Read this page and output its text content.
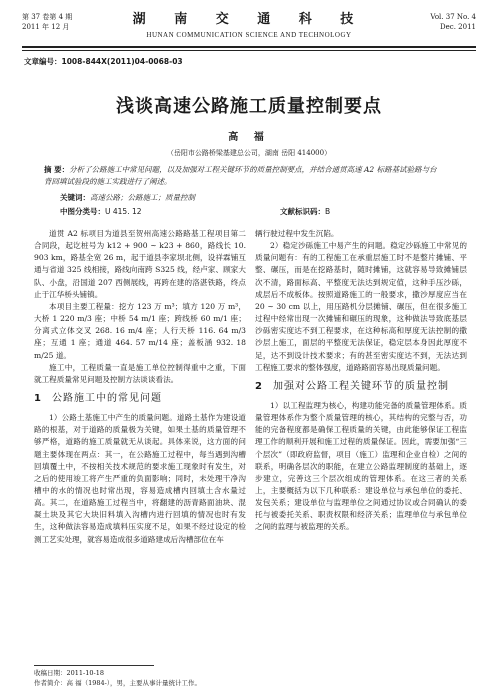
第 37 卷第 4 期
2011 年 12 月	湖 南 交 通 科 技
HUNAN COMMUNICATION SCIENCE AND TECHNOLOGY
Vol. 37 No. 4
Dec. 2011
文章编号：1008-844X(2011)04-0068-03
浅谈高速公路施工质量控制要点
高 福
（岳阳市公路桥梁基建总公司，湖南 岳阳 414000）
摘 要：分析了公路施工中常见问题，以及加强对工程关键环节的质量控制要点，并结合通贯高速 A2 标路基试验路与台背回填试验段的施工实践进行了阐述。
关键词：高速公路；公路施工；质量控制
中图分类号：U 415. 12	文献标识码：B

道贯 A2 标项目为道县至贺州高速公路路基工程项目第二合同段，起讫桩号为 k12 + 900 ~ k23 + 860，路线长 10. 903 km，路基全宽 26 m，起于道县李家坝北侧，设祥霖铺互通与省道 325 线相接，路线向南跨 S325 线，经卢家、顾家大队、小盘，沿国道 207 西侧展线，再跨在建的洛湛铁路，终点止于江华桥头铺镇。

本项目主要工程量：挖方 123 万 m³；填方 120 万 m³，大桥 1 220 m/3 座；中桥 54 m/1 座；跨线桥 60 m/1 座；分离式立体交叉 268. 16 m/4 座；人行天桥 116. 64 m/3 座；互通 1 座；通道 464. 57 m/14 座；盖板涵 932. 18 m/25 道。

施工中，工程质量一直是施工单位控制得重中之重，下面就工程质量常见问题及控制方法谈谈看法。

1 公路施工中的常见问题

1）公路土基施工中产生的质量问题。道路土基作为建设道路的根基，对于道路的质量极为关键，如果土基的质量管理不够严格，道路的施工质量就无从谈起。具体来说，这方面的问题主要体现在两点：其一，在公路施工过程中，每当遇到沟槽回填覆土中，不按相关技术规范的要求施工现象时有发生，对之后的使用竣工将产生严重的负面影响；同时，未处理干净沟槽中的水的情况也时常出现，容易造成槽内回填土含水量过高。其二，在道路施工过程当中，将翻建的沥青路面油块、混凝土块及其它大块旧料填入沟槽内进行回填的情况也时有发生，这种做法容易造成填料压实度不足，如果不经过设定的检测工艺实处理，就容易造成很多道路建成后沟槽部位在车

辆行驶过程中发生沉陷。

2）稳定沙砾施工中易产生的问题。稳定沙砾施工中常见的质量问题有：有的工程施工在承重层施工时不是整片摊铺、平整、碾压，而是在挖路基时，随时摊铺，这就容易导致摊铺层次不清，路面标高、平整度无法达到规定值，这种手压沙砾，成层后不成板体。按照道路施工的一般要求，撒沙厚度应当在 20 ~ 30 cm 以上，用压路机分层摊铺、碾压，但在很多施工过程中经常出现一次摊铺和碾压的现象，这种做法导致底基层沙砾密实度达不到工程要求，在这种标高和厚度无法控制的撒沙层上施工，面层的平整度无法保证，稳定层本身因此厚度不足，达不到设计技术要求；有的甚至密实度达不到，无法达到工程施工要求的整体强度，道路路面容易出现质量问题。

2 加强对公路工程关键环节的质量控制

1）以工程监理为核心，构建功能完备的质量管理体系。质量管理体系作为整个质量管理的核心，其结构的完整与否，功能的完备程度都是确保工程质量的关键，由此能够保证工程监理工作的顺利开展和施工过程的质量保证。因此，需要加强“三个层次”（即政府监督，项目（施工）监理和企业自检）之间的联系，明确各层次的职能，在建立公路监理制度的基础上，逐步建立，完善这三个层次组成的管理体系。在这三者的关系上，主要概括为以下几种联系：建设单位与承包单位的委托、发包关系；建设单位与监理单位之间通过协议或合同确认的委托与被委托关系、职责权限和经济关系；监理单位与承包单位之间的监理与被监理的关系。

收稿日期：2011-10-18
作者简介：高 福（1984-），男，主要从事计量统计工作。
